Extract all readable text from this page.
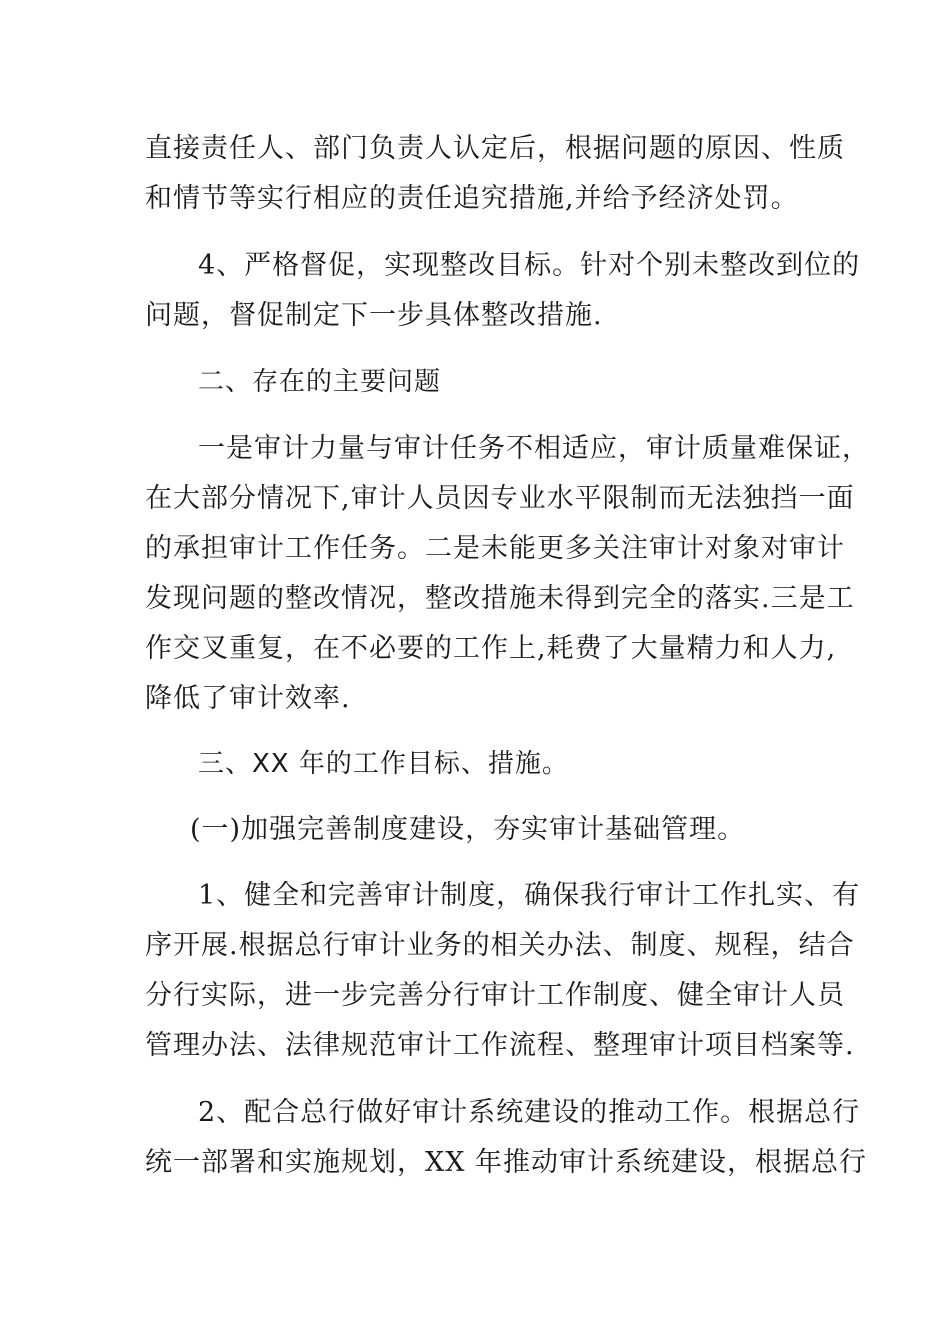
直接责任人、部门负责人认定后，根据问题的原因、性质
和情节等实行相应的责任追究措施,并给予经济处罚。
4、严格督促，实现整改目标。针对个别未整改到位的
问题，督促制定下一步具体整改措施.
二、存在的主要问题
一是审计力量与审计任务不相适应，审计质量难保证，
在大部分情况下,审计人员因专业水平限制而无法独挡一面
的承担审计工作任务。二是未能更多关注审计对象对审计
发现问题的整改情况，整改措施未得到完全的落实.三是工
作交叉重复，在不必要的工作上,耗费了大量精力和人力,
降低了审计效率.
三、XX 年的工作目标、措施。
(一)加强完善制度建设，夯实审计基础管理。
1、健全和完善审计制度，确保我行审计工作扎实、有
序开展.根据总行审计业务的相关办法、制度、规程，结合
分行实际，进一步完善分行审计工作制度、健全审计人员
管理办法、法律规范审计工作流程、整理审计项目档案等.
2、配合总行做好审计系统建设的推动工作。根据总行
统一部署和实施规划，XX 年推动审计系统建设，根据总行
